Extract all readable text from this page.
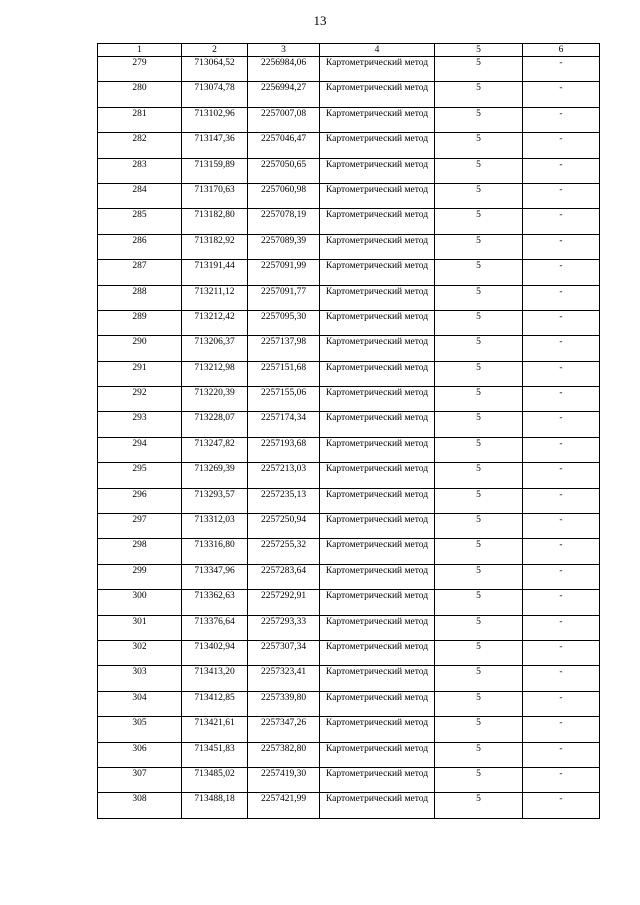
13
1	2	3	4	5	6
279	713064,52	2256984,06	Картометрический метод	5	-
280	713074,78	2256994,27	Картометрический метод	5	-
281	713102,96	2257007,08	Картометрический метод	5	-
282	713147,36	2257046,47	Картометрический метод	5	-
283	713159,89	2257050,65	Картометрический метод	5	-
284	713170,63	2257060,98	Картометрический метод	5	-
285	713182,80	2257078,19	Картометрический метод	5	-
286	713182,92	2257089,39	Картометрический метод	5	-
287	713191,44	2257091,99	Картометрический метод	5	-
288	713211,12	2257091,77	Картометрический метод	5	-
289	713212,42	2257095,30	Картометрический метод	5	-
290	713206,37	2257137,98	Картометрический метод	5	-
291	713212,98	2257151,68	Картометрический метод	5	-
292	713220,39	2257155,06	Картометрический метод	5	-
293	713228,07	2257174,34	Картометрический метод	5	-
294	713247,82	2257193,68	Картометрический метод	5	-
295	713269,39	2257213,03	Картометрический метод	5	-
296	713293,57	2257235,13	Картометрический метод	5	-
297	713312,03	2257250,94	Картометрический метод	5	-
298	713316,80	2257255,32	Картометрический метод	5	-
299	713347,96	2257283,64	Картометрический метод	5	-
300	713362,63	2257292,91	Картометрический метод	5	-
301	713376,64	2257293,33	Картометрический метод	5	-
302	713402,94	2257307,34	Картометрический метод	5	-
303	713413,20	2257323,41	Картометрический метод	5	-
304	713412,85	2257339,80	Картометрический метод	5	-
305	713421,61	2257347,26	Картометрический метод	5	-
306	713451,83	2257382,80	Картометрический метод	5	-
307	713485,02	2257419,30	Картометрический метод	5	-
308	713488,18	2257421,99	Картометрический метод	5	-
